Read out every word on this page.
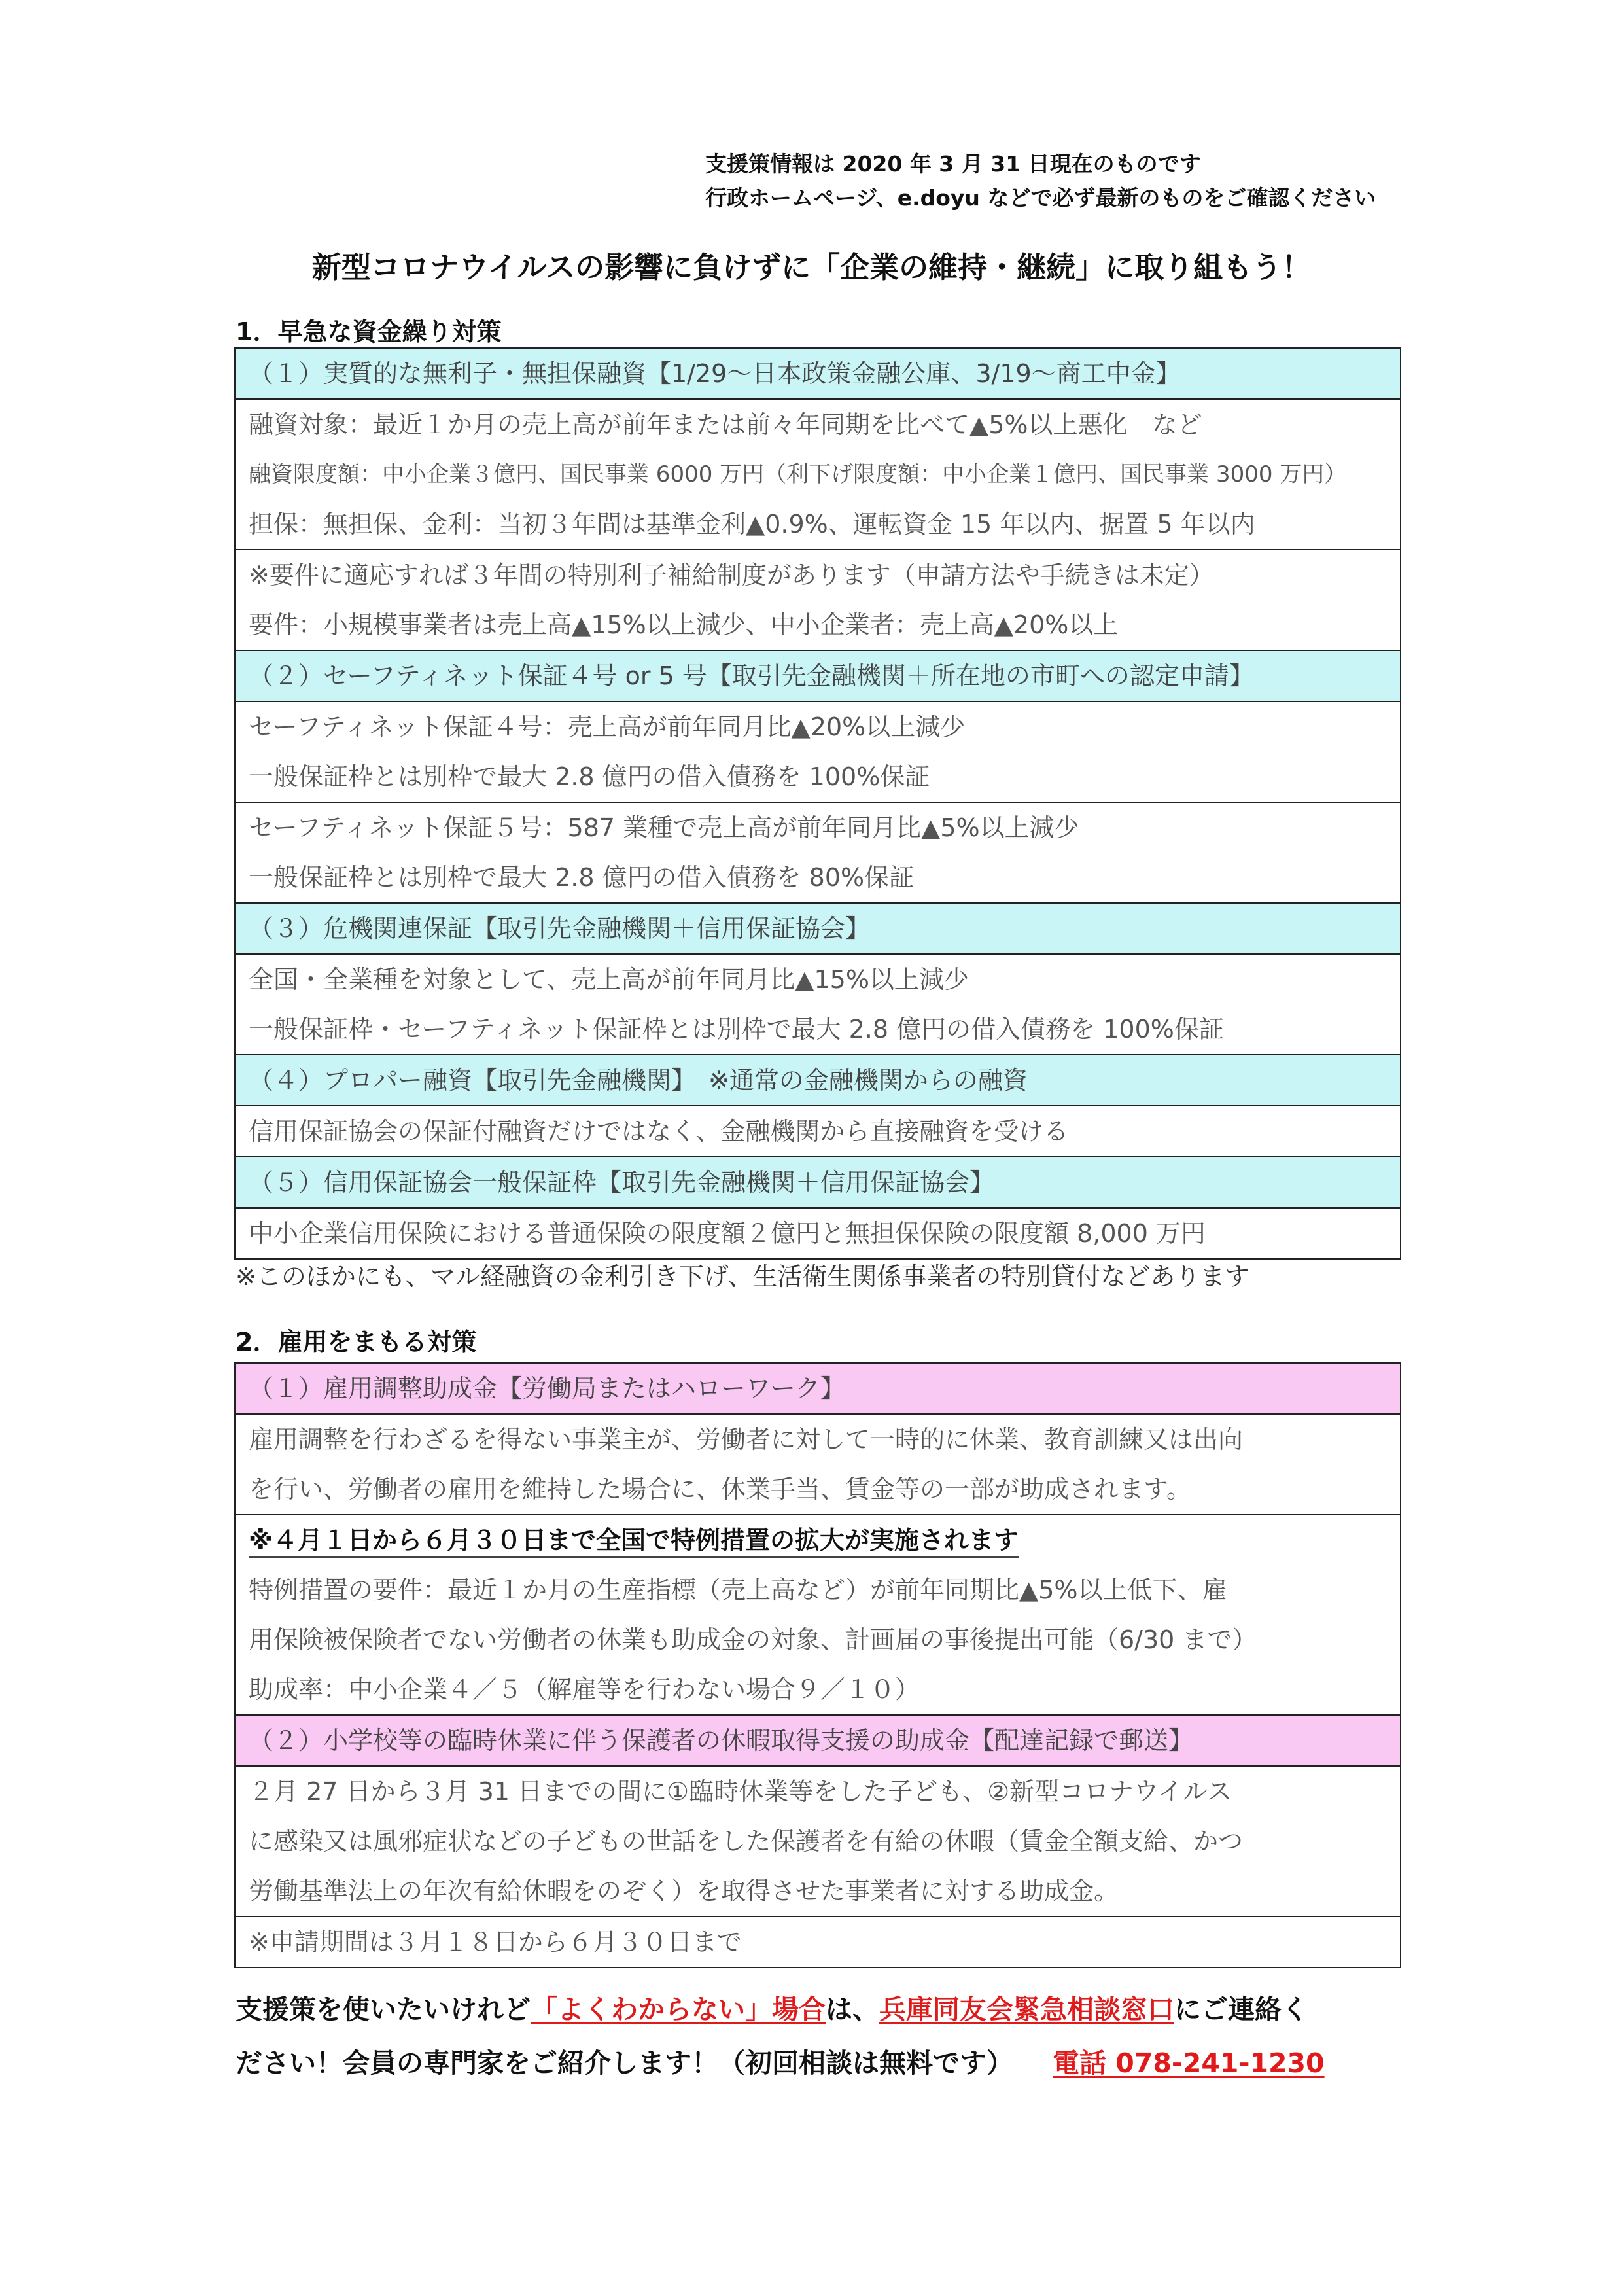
支援策情報は 2020 年 3 月 31 日現在のものです
行政ホームページ、e.doyu などで必ず最新のものをご確認ください
新型コロナウイルスの影響に負けずに「企業の維持・継続」に取り組もう！
1．早急な資金繰り対策
（１）実質的な無利子・無担保融資【1/29～日本政策金融公庫、3/19～商工中金】
融資対象：最近１か月の売上高が前年または前々年同期を比べて▲5%以上悪化　など
融資限度額：中小企業３億円、国民事業 6000 万円（利下げ限度額：中小企業１億円、国民事業 3000 万円）
担保：無担保、金利：当初３年間は基準金利▲0.9%、運転資金 15 年以内、据置 5 年以内
※要件に適応すれば３年間の特別利子補給制度があります（申請方法や手続きは未定）
要件：小規模事業者は売上高▲15%以上減少、中小企業者：売上高▲20%以上
（２）セーフティネット保証４号 or 5 号【取引先金融機関＋所在地の市町への認定申請】
セーフティネット保証４号：売上高が前年同月比▲20%以上減少
一般保証枠とは別枠で最大 2.8 億円の借入債務を 100%保証
セーフティネット保証５号：587 業種で売上高が前年同月比▲5%以上減少
一般保証枠とは別枠で最大 2.8 億円の借入債務を 80%保証
（３）危機関連保証【取引先金融機関＋信用保証協会】
全国・全業種を対象として、売上高が前年同月比▲15%以上減少
一般保証枠・セーフティネット保証枠とは別枠で最大 2.8 億円の借入債務を 100%保証
（４）プロパー融資【取引先金融機関】　※通常の金融機関からの融資
信用保証協会の保証付融資だけではなく、金融機関から直接融資を受ける
（５）信用保証協会一般保証枠【取引先金融機関＋信用保証協会】
中小企業信用保険における普通保険の限度額２億円と無担保保険の限度額 8,000 万円
※このほかにも、マル経融資の金利引き下げ、生活衛生関係事業者の特別貸付などあります
2．雇用をまもる対策
（１）雇用調整助成金【労働局またはハローワーク】
雇用調整を行わざるを得ない事業主が、労働者に対して一時的に休業、教育訓練又は出向
を行い、労働者の雇用を維持した場合に、休業手当、賃金等の一部が助成されます。
※４月１日から６月３０日まで全国で特例措置の拡大が実施されます
特例措置の要件：最近１か月の生産指標（売上高など）が前年同期比▲5%以上低下、雇
用保険被保険者でない労働者の休業も助成金の対象、計画届の事後提出可能（6/30 まで）
助成率：中小企業４／５（解雇等を行わない場合９／１０）
（２）小学校等の臨時休業に伴う保護者の休暇取得支援の助成金【配達記録で郵送】
２月 27 日から３月 31 日までの間に①臨時休業等をした子ども、②新型コロナウイルス
に感染又は風邪症状などの子どもの世話をした保護者を有給の休暇（賃金全額支給、かつ
労働基準法上の年次有給休暇をのぞく）を取得させた事業者に対する助成金。
※申請期間は３月１８日から６月３０日まで
支援策を使いたいけれど「よくわからない」場合は、兵庫同友会緊急相談窓口にご連絡く
ださい！会員の専門家をご紹介します！（初回相談は無料です） 電話 078-241-1230
